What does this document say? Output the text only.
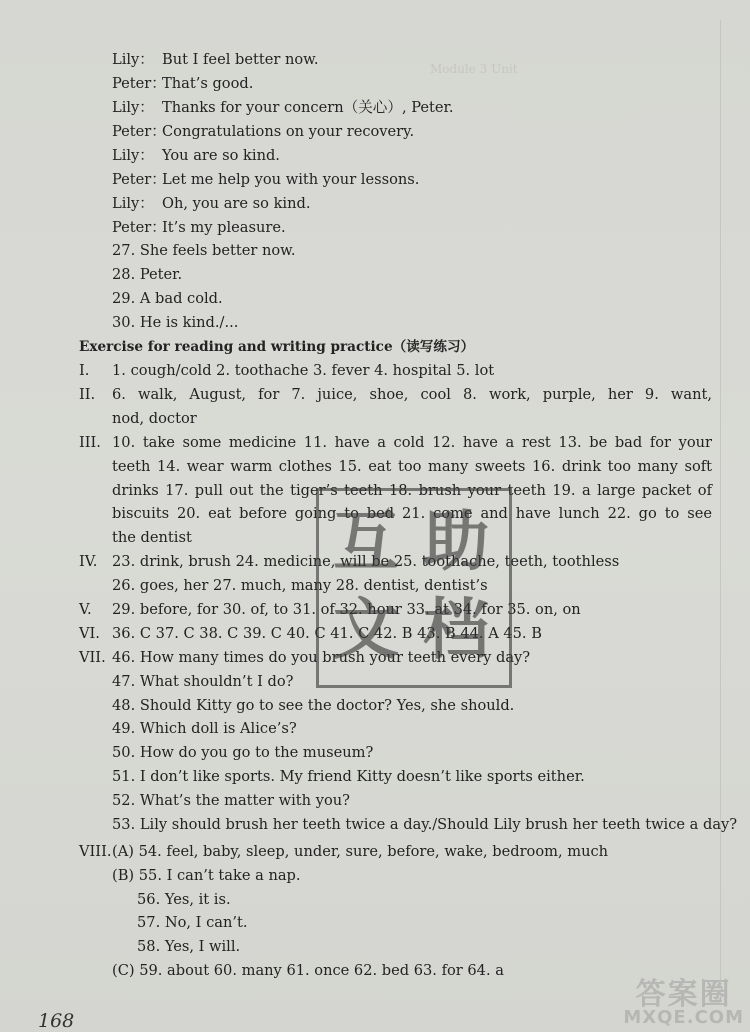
Module 3 Unit
Lily： But I feel better now.
Peter：
That’s good.
Lily： Thanks for your concern（关心）, Peter.
Peter：
Congratulations on your recovery.
Lily： You are so kind.
Peter：
Let me help you with your lessons.
Lily： Oh, you are so kind.
Peter：
It’s my pleasure.
27. She feels better now.
28. Peter.
29. A bad cold.
30. He is kind./...
Exercise for reading and writing practice（读写练习）
I. 1. cough/cold 2. toothache 3. fever 4. hospital 5. lot
II. 6. walk, August, for 7. juice, shoe, cool 8. work, purple, her 9. want,
nod, doctor
III. 10. take some medicine 11. have a cold 12. have a rest 13. be bad for your
teeth 14. wear warm clothes 15. eat too many sweets 16. drink too many soft
drinks 17. pull out the tiger’s teeth 18. brush your teeth 19. a large packet of
biscuits 20. eat before going to bed 21. come and have lunch 22. go to see
the dentist
IV. 23. drink, brush 24. medicine, will be 25. toothache, teeth, toothless
26. goes, her 27. much, many 28. dentist, dentist’s
V. 29. before, for 30. of, to 31. of 32. hour 33. at 34. for 35. on, on
VI. 36. C 37. C 38. C 39. C 40. C 41. C 42. B 43. B 44. A 45. B
VII. 46. How many times do you brush your teeth every day?
47. What shouldn’t I do?
48. Should Kitty go to see the doctor? Yes, she should.
49. Which doll is Alice’s?
50. How do you go to the museum?
51. I don’t like sports. My friend Kitty doesn’t like sports either.
52. What’s the matter with you?
53. Lily should brush her teeth twice a day./Should Lily brush her teeth twice a day?
VIII. (A) 54. feel, baby, sleep, under, sure, before, wake, bedroom, much
(B) 55. I can’t take a nap.
56. Yes, it is.
57. No, I can’t.
58. Yes, I will.
(C) 59. about 60. many 61. once 62. bed 63. for 64. a
互 助
文 档
168
答案圈
MXQE.COM
